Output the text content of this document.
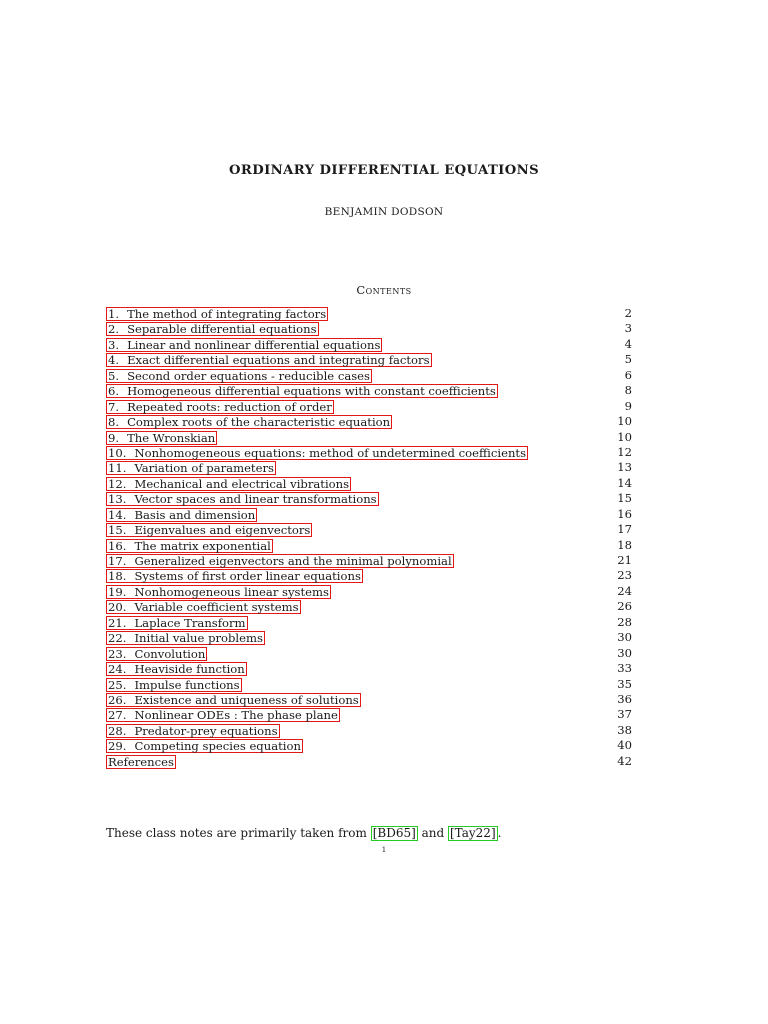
ORDINARY DIFFERENTIAL EQUATIONS
BENJAMIN DODSON
Contents
1. The method of integrating factors	2
2. Separable differential equations	3
3. Linear and nonlinear differential equations	4
4. Exact differential equations and integrating factors	5
5. Second order equations - reducible cases	6
6. Homogeneous differential equations with constant coefficients	8
7. Repeated roots: reduction of order	9
8. Complex roots of the characteristic equation	10
9. The Wronskian	10
10. Nonhomogeneous equations: method of undetermined coefficients	12
11. Variation of parameters	13
12. Mechanical and electrical vibrations	14
13. Vector spaces and linear transformations	15
14. Basis and dimension	16
15. Eigenvalues and eigenvectors	17
16. The matrix exponential	18
17. Generalized eigenvectors and the minimal polynomial	21
18. Systems of first order linear equations	23
19. Nonhomogeneous linear systems	24
20. Variable coefficient systems	26
21. Laplace Transform	28
22. Initial value problems	30
23. Convolution	30
24. Heaviside function	33
25. Impulse functions	35
26. Existence and uniqueness of solutions	36
27. Nonlinear ODEs : The phase plane	37
28. Predator-prey equations	38
29. Competing species equation	40
References	42
These class notes are primarily taken from [BD65] and [Tay22] .
1
